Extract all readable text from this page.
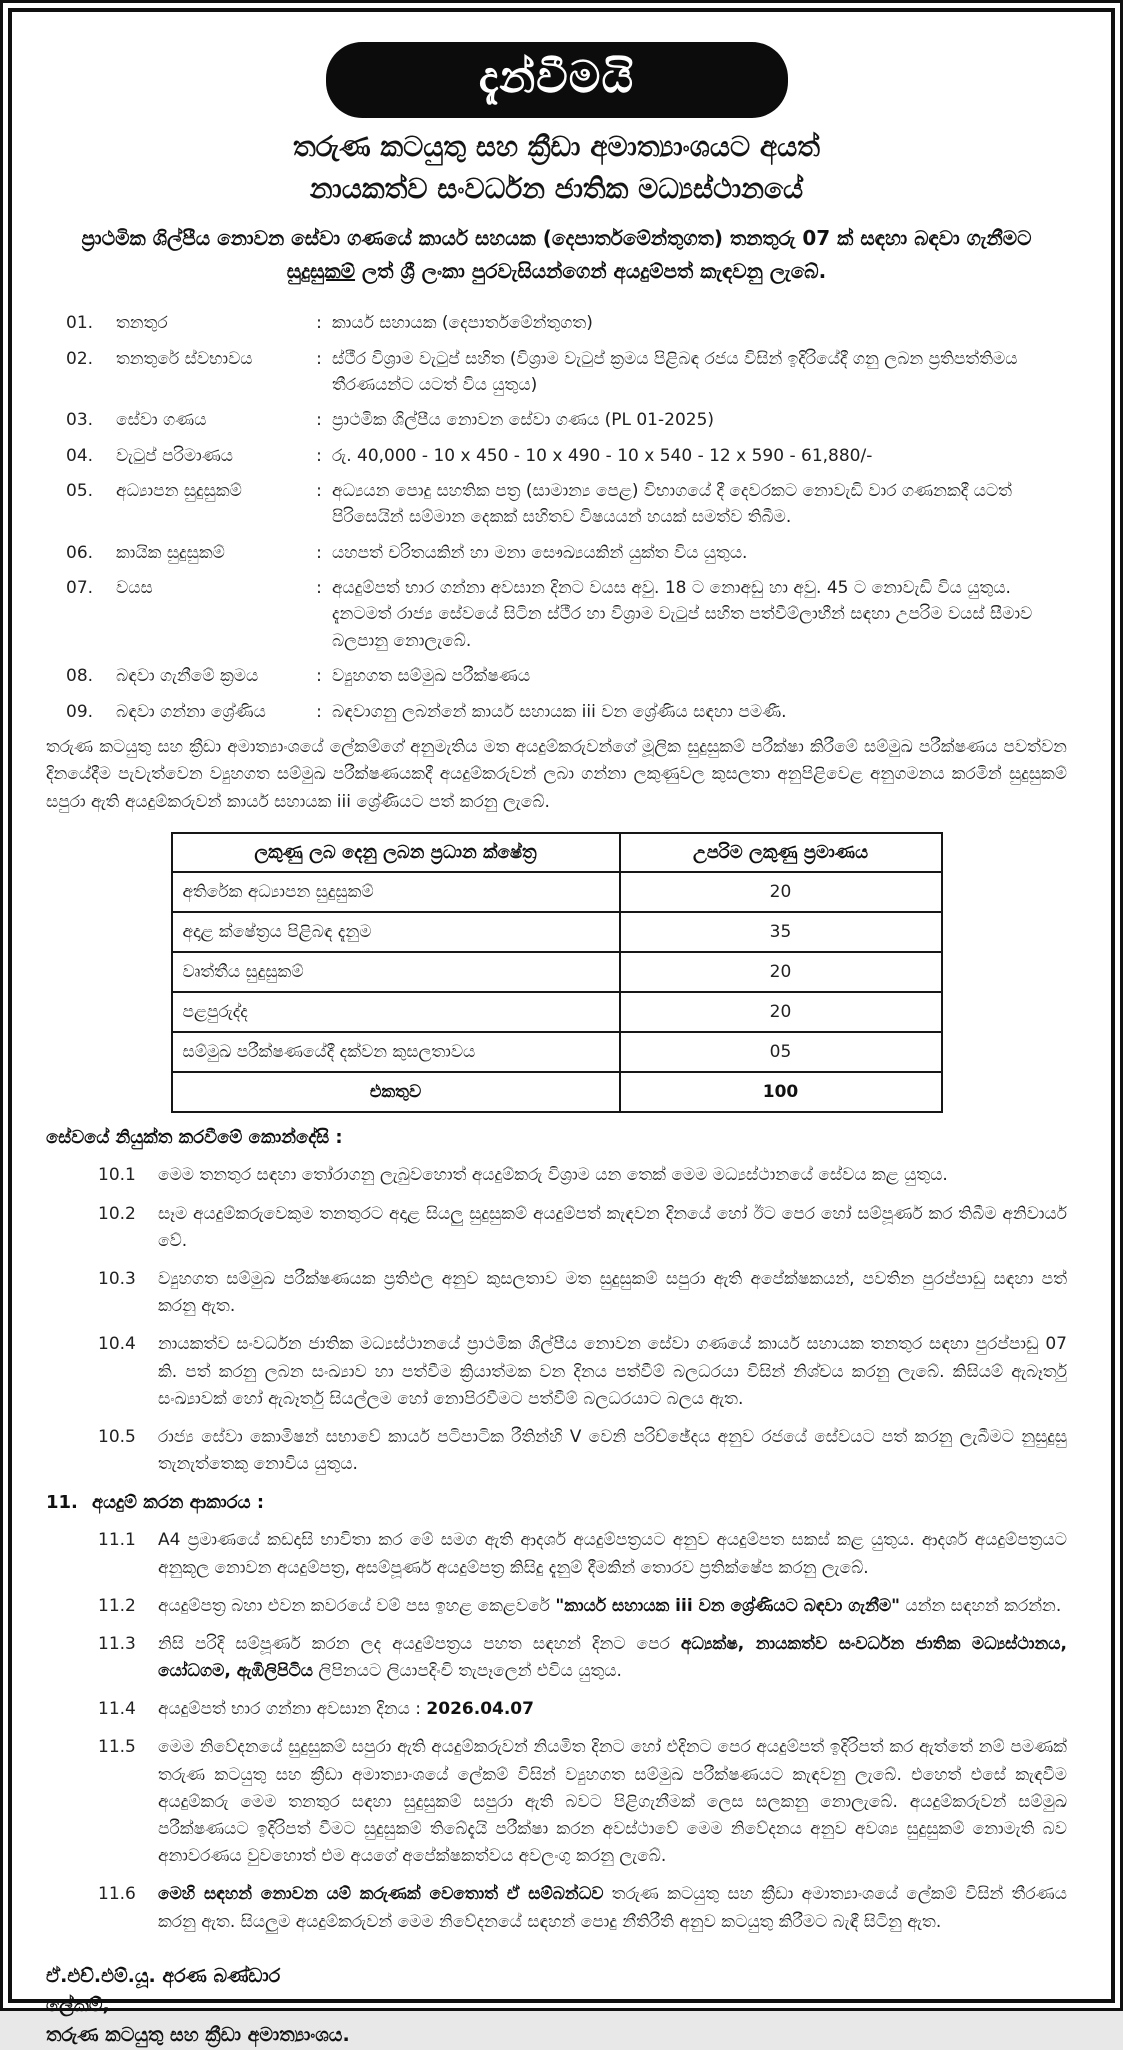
දැන්වීමයි
තරුණ කටයුතු සහ ක්‍රීඩා අමාත්‍යාංශයට අයත්
නායකත්ව සංවර්ධන ජාතික මධ්‍යස්ථානයේ
ප්‍රාථමික ශිල්පීය නොවන සේවා ගණයේ කාර්ය සහයක (දෙපාර්තමේන්තුගත) තනතුරු 07 ක් සඳහා බඳවා ගැනීමට සුදුසුකම් ලත් ශ්‍රී ලංකා පුරවැසියන්ගෙන් අයදුම්පත් කැඳවනු ලැබේ.
01.	තනතුර	: කාර්ය සහායක (දෙපාර්තමේන්තුගත)
02.	තනතුරේ ස්වභාවය	: ස්ථීර විශ්‍රාම වැටුප් සහිත (විශ්‍රාම වැටුප් ක්‍රමය පිළිබඳ රජය විසින් ඉදිරියේදී ගනු ලබන ප්‍රතිපත්තිමය තීරණයන්ට යටත් විය යුතුය)
03.	සේවා ගණය	: ප්‍රාථමික ශිල්පීය නොවන සේවා ගණය (PL 01-2025)
04.	වැටුප් පරිමාණය	: රු. 40,000 - 10 x 450 - 10 x 490 - 10 x 540 - 12 x 590 - 61,880/-
05.	අධ්‍යාපන සුදුසුකම්	: අධ්‍යයන පොදු සහතික පත්‍ර (සාමාන්‍ය පෙළ) විභාගයේ දී දෙවරකට නොවැඩි වාර ගණනකදී යටත් පිරිසෙයින් සම්මාන දෙකක් සහිතව විෂයයන් හයක් සමත්ව තිබීම.
06.	කායික සුදුසුකම්	: යහපත් චරිතයකින් හා මනා සෞඛ්‍යයකින් යුක්ත විය යුතුය.
07.	වයස	: අයදුම්පත් භාර ගන්නා අවසාන දිනට වයස අවු. 18 ට නොඅඩු හා අවු. 45 ට නොවැඩි විය යුතුය. දැනටමත් රාජ්‍ය සේවයේ සිටින ස්ථීර හා විශ්‍රාම වැටුප් සහිත පත්වීම්ලාභීන් සඳහා උපරිම වයස් සීමාව බලපානු නොලැබේ.
08.	බඳවා ගැනීමේ ක්‍රමය	: ව්‍යුහගත සම්මුඛ පරීක්ෂණය
09.	බඳවා ගන්නා ශ්‍රේණිය	: බඳවාගනු ලබන්නේ කාර්ය සහායක iii වන ශ්‍රේණිය සඳහා පමණී.

තරුණ කටයුතු සහ ක්‍රීඩා අමාත්‍යාංශයේ ලේකම්ගේ අනුමැතිය මත අයදුම්කරුවන්ගේ මූලික සුදුසුකම් පරීක්ෂා කිරීමේ සම්මුඛ පරීක්ෂණය පවත්වන දිනයේදීම පැවැත්වෙන ව්‍යුහගත සම්මුඛ පරීක්ෂණයකදී අයදුම්කරුවන් ලබා ගන්නා ලකුණුවල කුසලතා අනුපිළිවෙළ අනුගමනය කරමින් සුදුසුකම් සපුරා ඇති අයදුම්කරුවන් කාර්ය සහායක iii ශ්‍රේණියට පත් කරනු ලැබේ.

ලකුණු ලබ දෙනු ලබන ප්‍රධාන ක්ෂේත්‍ර	උපරිම ලකුණු ප්‍රමාණය
අතිරේක අධ්‍යාපන සුදුසුකම්	20
අදාළ ක්ෂේත්‍රය පිළිබඳ දැනුම	35
වෘත්තීය සුදුසුකම්	20
පළපුරුද්ද	20
සම්මුඛ පරීක්ෂණයේදී දක්වන කුසලතාවය	05
එකතුව	100
සේවයේ නියුක්ත කරවීමේ කොන්දේසි :
10.1	මෙම තනතුර සඳහා තෝරාගනු ලැබුවහොත් අයදුම්කරු විශ්‍රාම යන තෙක් මෙම මධ්‍යස්ථානයේ සේවය කළ යුතුය.

10.2	සෑම අයදුම්කරුවෙකුම තනතුරට අදාළ සියලු සුදුසුකම් අයදුම්පත් කැඳවන දිනයේ හෝ ඊට පෙර හෝ සම්පූර්ණ කර තිබීම අනිවාර්ය වේ.

10.3	ව්‍යුහගත සම්මුඛ පරීක්ෂණයක ප්‍රතිඵල අනුව කුසලතාව මත සුදුසුකම් සපුරා ඇති අපේක්ෂකයන්, පවතින පුරප්පාඩු සඳහා පත් කරනු ඇත.

10.4	නායකත්ව සංවර්ධන ජාතික මධ්‍යස්ථානයේ ප්‍රාථමික ශිල්පීය නොවන සේවා ගණයේ කාර්ය සහායක තනතුර සඳහා පුරප්පාඩු 07 කි. පත් කරනු ලබන සංඛ්‍යාව හා පත්වීම ක්‍රියාත්මක වන දිනය පත්වීම් බලධරයා විසින් නිශ්චය කරනු ලැබේ. කිසියම් ඇබෑර්තු සංඛ්‍යාවක් හෝ ඇබෑර්තු සියල්ලම හෝ නොපිරවීමට පත්වීම් බලධරයාට බලය ඇත.

10.5	රාජ්‍ය සේවා කොමිෂන් සභාවේ කාර්ය පටිපාටික රීතින්හි V වෙනි පරිච්ඡේදය අනුව රජයේ සේවයට පත් කරනු ලැබීමට නුසුදුසු තැනැත්තෙකු නොවිය යුතුය.

11. අයදුම් කරන ආකාරය :
11.1	A4 ප්‍රමාණයේ කඩදාසි භාවිතා කර මේ සමග ඇති ආදර්ශ අයදුම්පත්‍රයට අනුව අයදුම්පත සකස් කළ යුතුය. ආදර්ශ අයදුම්පත්‍රයට අනුකූල නොවන අයදුම්පත්‍ර, අසම්පූර්ණ අයදුම්පත්‍ර කිසිදු දැනුම් දීමකින් තොරව ප්‍රතික්ෂේප කරනු ලැබේ.

11.2	අයදුම්පත්‍ර බහා එවන කවරයේ වම් පස ඉහළ කෙළවරේ "කාර්ය සහායක iii වන ශ්‍රේණියට බඳවා ගැනීම" යන්න සඳහන් කරන්න.

11.3	නිසි පරිදි සම්පූර්ණ කරන ලද අයදුම්පත්‍රය පහත සඳහන් දිනට පෙර අධ්‍යක්ෂ, නායකත්ව සංවර්ධන ජාතික මධ්‍යස්ථානය, යෝධගම, ඇඹිලිපිටිය ලිපිනයට ලියාපදිංචි තැපෑලෙන් එවිය යුතුය.

11.4	අයදුම්පත් භාර ගන්නා අවසාන දිනය : 2026.04.07

11.5	මෙම නිවේදනයේ සුදුසුකම් සපුරා ඇති අයදුම්කරුවන් නියමිත දිනට හෝ එදිනට පෙර අයදුම්පත් ඉදිරිපත් කර ඇත්තේ නම් පමණක් තරුණ කටයුතු සහ ක්‍රීඩා අමාත්‍යාංශයේ ලේකම් විසින් ව්‍යුහගත සම්මුඛ පරීක්ෂණයට කැඳවනු ලැබේ. එහෙත් එසේ කැඳවීම අයදුම්කරු මෙම තනතුර සඳහා සුදුසුකම් සපුරා ඇති බවට පිළිගැනීමක් ලෙස සලකනු නොලැබේ. අයදුම්කරුවන් සම්මුඛ පරීක්ෂණයට ඉදිරිපත් වීමට සුදුසුකම් තිබේදැයි පරීක්ෂා කරන අවස්ථාවේ මෙම නිවේදනය අනුව අවශ්‍ය සුදුසුකම් නොමැති බව අනාවරණය වුවහොත් එම අයගේ අපේක්ෂකත්වය අවලංගු කරනු ලැබේ.

11.6	මෙහි සඳහන් නොවන යම් කරුණක් වෙතොත් ඒ සම්බන්ධව තරුණ කටයුතු සහ ක්‍රීඩා අමාත්‍යාංශයේ ලේකම් විසින් තීරණය කරනු ඇත. සියලුම අයදුම්කරුවන් මෙම නිවේදනයේ සඳහන් පොදු නීතිරීති අනුව කටයුතු කිරීමට බැඳී සිටිනු ඇත.

ඒ.එච්.එම්.යූ. අරණ බණ්ඩාර
ලේකම්,
තරුණ කටයුතු සහ ක්‍රීඩා අමාත්‍යාංශය.
